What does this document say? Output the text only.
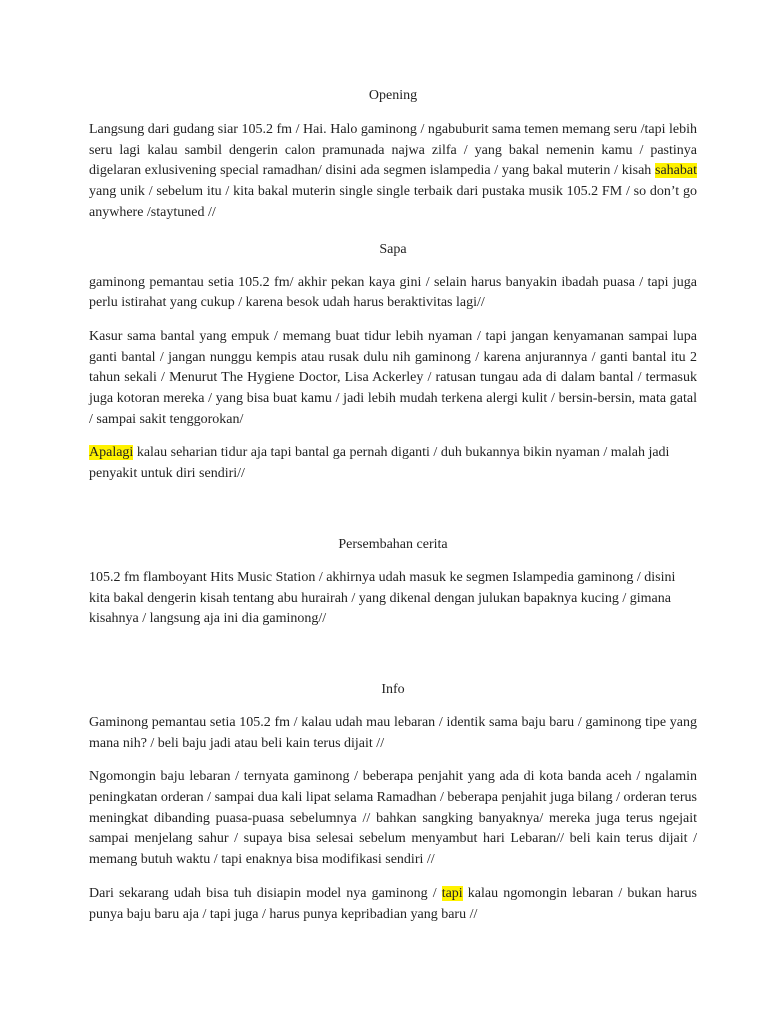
Opening

Langsung dari gudang siar 105.2 fm / Hai. Halo gaminong / ngabuburit sama temen memang seru /tapi lebih seru lagi kalau sambil dengerin calon pramunada najwa zilfa / yang bakal nemenin kamu / pastinya digelaran exlusivening special ramadhan/ disini ada segmen islampedia / yang bakal muterin / kisah sahabat yang unik / sebelum itu / kita bakal muterin single single terbaik dari pustaka musik 105.2 FM / so don’t go anywhere /staytuned //

Sapa

gaminong pemantau setia 105.2 fm/ akhir pekan kaya gini / selain harus banyakin ibadah puasa / tapi juga perlu istirahat yang cukup / karena besok udah harus beraktivitas lagi//

Kasur sama bantal yang empuk / memang buat tidur lebih nyaman / tapi jangan kenyamanan sampai lupa ganti bantal / jangan nunggu kempis atau rusak dulu nih gaminong / karena anjurannya / ganti bantal itu 2 tahun sekali / Menurut The Hygiene Doctor, Lisa Ackerley / ratusan tungau ada di dalam bantal / termasuk juga kotoran mereka / yang bisa buat kamu / jadi lebih mudah terkena alergi kulit / bersin-bersin, mata gatal / sampai sakit tenggorokan/

Apalagi kalau seharian tidur aja tapi bantal ga pernah diganti / duh bukannya bikin nyaman / malah jadi penyakit untuk diri sendiri//

Persembahan cerita

105.2 fm flamboyant Hits Music Station / akhirnya udah masuk ke segmen Islampedia gaminong / disini kita bakal dengerin kisah tentang abu hurairah / yang dikenal dengan julukan bapaknya kucing / gimana kisahnya / langsung aja ini dia gaminong//

Info

Gaminong pemantau setia 105.2 fm / kalau udah mau lebaran / identik sama baju baru / gaminong tipe yang mana nih? / beli baju jadi atau beli kain terus dijait //

Ngomongin baju lebaran / ternyata gaminong / beberapa penjahit yang ada di kota banda aceh / ngalamin peningkatan orderan / sampai dua kali lipat selama Ramadhan / beberapa penjahit juga bilang / orderan terus meningkat dibanding puasa-puasa sebelumnya // bahkan sangking banyaknya/ mereka juga terus ngejait sampai menjelang sahur / supaya bisa selesai sebelum menyambut hari Lebaran// beli kain terus dijait / memang butuh waktu / tapi enaknya bisa modifikasi sendiri //

Dari sekarang udah bisa tuh disiapin model nya gaminong / tapi kalau ngomongin lebaran / bukan harus punya baju baru aja / tapi juga / harus punya kepribadian yang baru //
